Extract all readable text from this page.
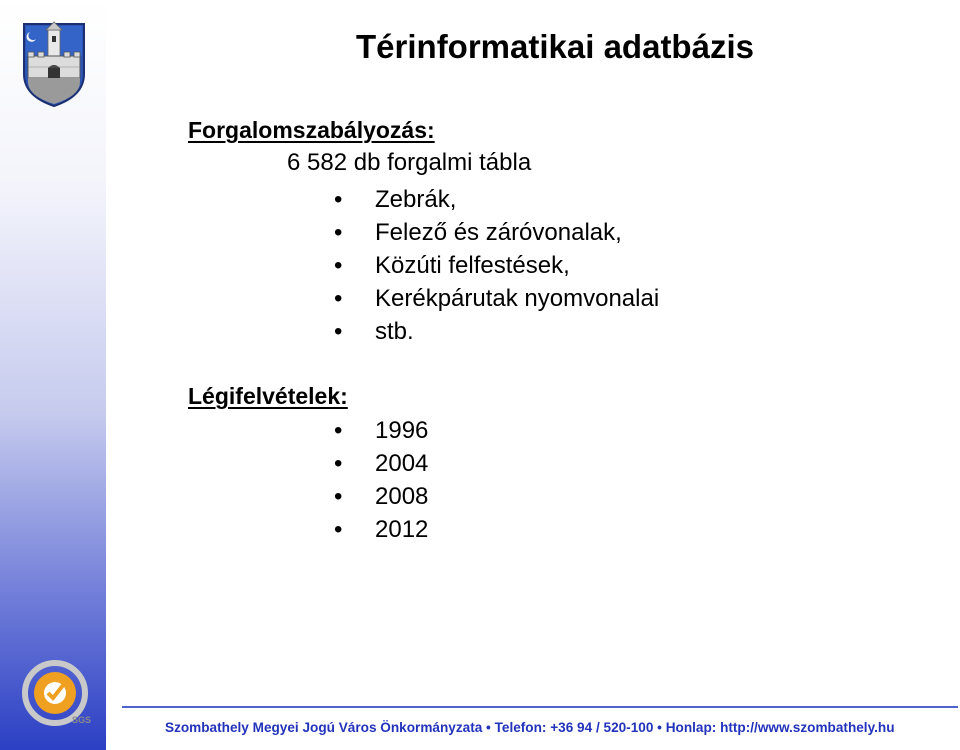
SGS
Térinformatikai adatbázis
Forgalomszabályozás:
6 582 db forgalmi tábla
• Zebrák,
• Felező és záróvonalak,
• Közúti felfestések,
• Kerékpárutak nyomvonalai
• stb.
Légifelvételek:
• 1996
• 2004
• 2008
• 2012
Szombathely Megyei Jogú Város Önkormányzata • Telefon: +36 94 / 520-100 • Honlap: http://www.szombathely.hu
